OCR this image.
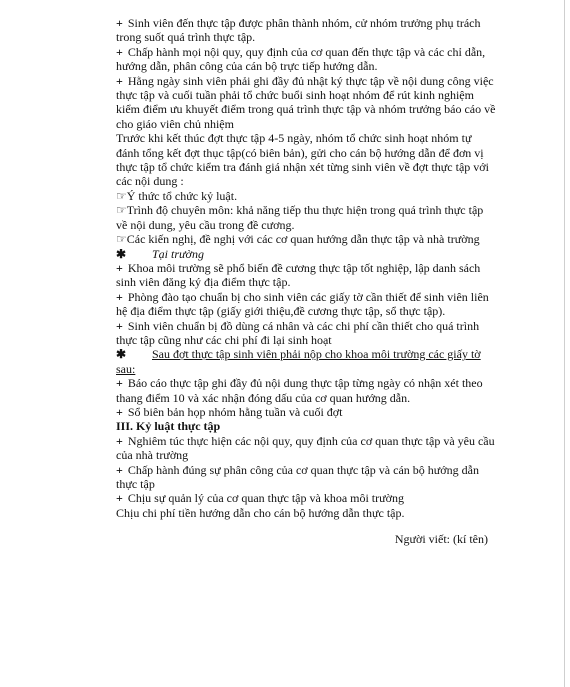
+ Sinh viên đến thực tập được phân thành nhóm, cử nhóm trưởng phụ trách trong suốt quá trình thực tập.

+ Chấp hành mọi nội quy, quy định của cơ quan đến thực tập và các chỉ dẫn, hướng dẫn, phân công của cán bộ trực tiếp hướng dẫn.

+ Hằng ngày sinh viên phải ghi đầy đủ nhật ký thực tập về nội dung công việc thực tập và cuối tuần phải tổ chức buổi sinh hoạt nhóm để rút kinh nghiệm kiểm điểm ưu khuyết điểm trong quá trình thực tập và nhóm trưởng báo cáo về cho giáo viên chủ nhiệm

Trước khi kết thúc đợt thực tập 4-5 ngày, nhóm tổ chức sinh hoạt nhóm tự đánh tổng kết đợt thục tập(có biên bản), gửi cho cán bộ hướng dẫn để đơn vị thực tập tổ chức kiểm tra đánh giá nhận xét từng sinh viên về đợt thực tập với các nội dung :

☞Ý thức tổ chức kỷ luật.

☞Trình độ chuyên môn: khả năng tiếp thu thực hiện trong quá trình thực tập về nội dung, yêu cầu trong đề cương.

☞Các kiến nghị, đề nghị với các cơ quan hướng dẫn thực tập và nhà trường

✱ Tại trường

+ Khoa môi trường sẽ phổ biến đề cương thực tập tốt nghiệp, lập danh sách sinh viên đăng ký địa điểm thực tập.

+ Phòng đào tạo chuẩn bị cho sinh viên các giấy tờ cần thiết để sinh viên liên hệ địa điểm thực tập (giấy giới thiệu,đề cương thực tập, sổ thực tập).

+ Sinh viên chuẩn bị đồ dùng cá nhân và các chi phí cần thiết cho quá trình thực tập cũng như các chi phí đi lại sinh hoạt

✱ Sau đợt thực tập sinh viên phải nộp cho khoa môi trường các giấy tờ sau:

+ Báo cáo thực tập ghi đầy đủ nội dung thực tập từng ngày có nhận xét theo thang điểm 10 và xác nhận đóng dấu của cơ quan hướng dẫn.

+ Sổ biên bản họp nhóm hằng tuần và cuối đợt

III. Kỷ luật thực tập

+ Nghiêm túc thực hiện các nội quy, quy định của cơ quan thực tập và yêu cầu của nhà trường

+ Chấp hành đúng sự phân công của cơ quan thực tập và cán bộ hướng dẫn thực tập

+ Chịu sự quản lý của cơ quan thực tập và khoa môi trường

Chịu chi phí tiền hướng dẫn cho cán bộ hướng dẫn thực tập.

Người viết: (kí tên)
